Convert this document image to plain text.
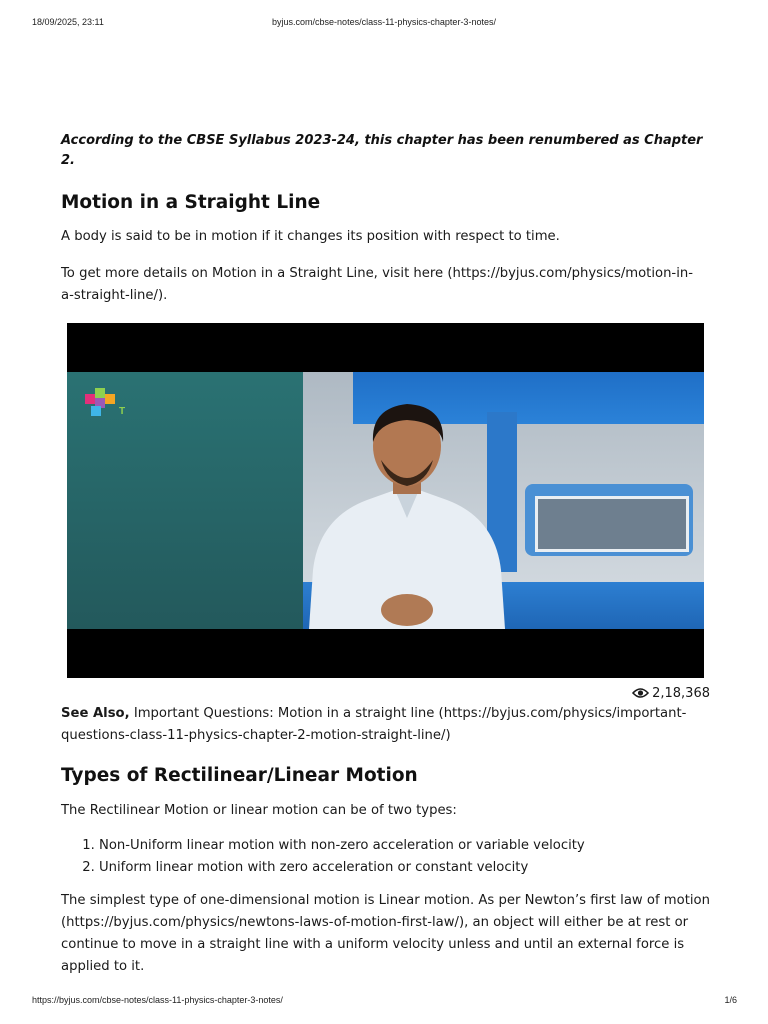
18/09/2025, 23:11	byjus.com/cbse-notes/class-11-physics-chapter-3-notes/

According to the CBSE Syllabus 2023-24, this chapter has been renumbered as Chapter 2.

Motion in a Straight Line

A body is said to be in motion if it changes its position with respect to time.

To get more details on Motion in a Straight Line, visit here (https://byjus.com/physics/motion-in-a-straight-line/).

T
2,18,368

See Also, Important Questions: Motion in a straight line (https://byjus.com/physics/important-questions-class-11-physics-chapter-2-motion-straight-line/)

Types of Rectilinear/Linear Motion

The Rectilinear Motion or linear motion can be of two types:

1. Non-Uniform linear motion with non-zero acceleration or variable velocity
2. Uniform linear motion with zero acceleration or constant velocity

The simplest type of one-dimensional motion is Linear motion. As per Newton’s first law of motion (https://byjus.com/physics/newtons-laws-of-motion-first-law/), an object will either be at rest or continue to move in a straight line with a uniform velocity unless and until an external force is applied to it.

https://byjus.com/cbse-notes/class-11-physics-chapter-3-notes/	1/6
